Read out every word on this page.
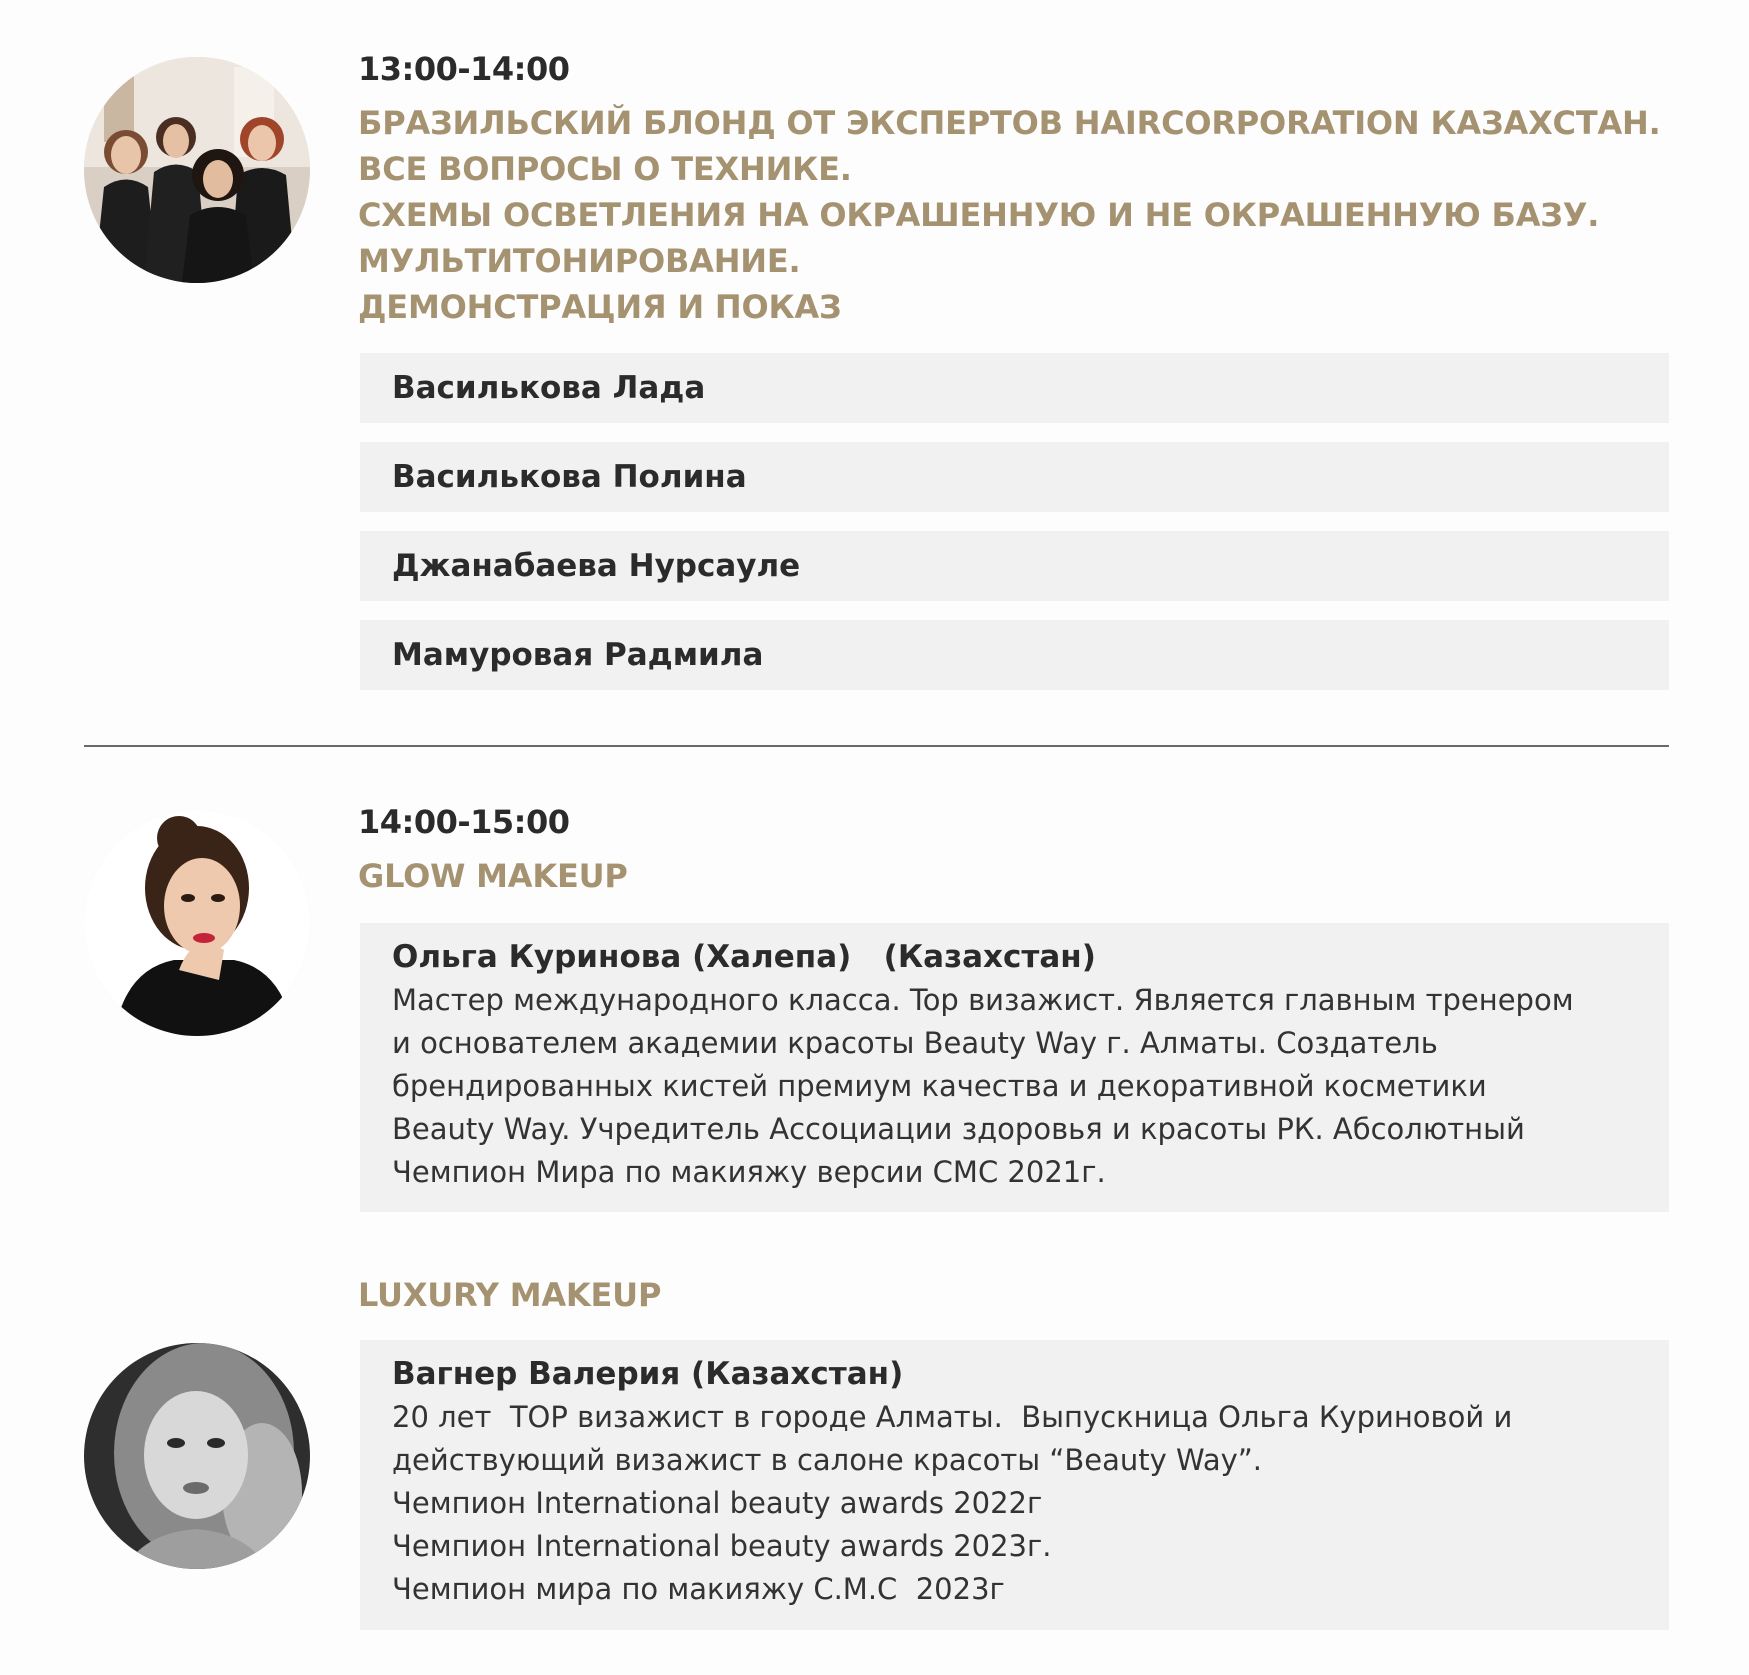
13:00-14:00
БРАЗИЛЬСКИЙ БЛОНД ОТ ЭКСПЕРТОВ HAIRCORPORATION КАЗАХСТАН.
ВСЕ ВОПРОСЫ О ТЕХНИКЕ.
СХЕМЫ ОСВЕТЛЕНИЯ НА ОКРАШЕННУЮ И НЕ ОКРАШЕННУЮ БАЗУ.
МУЛЬТИТОНИРОВАНИЕ.
ДЕМОНСТРАЦИЯ И ПОКАЗ
Василькова Лада
Василькова Полина
Джанабаева Нурсауле
Мамуровая Радмила
14:00-15:00
GLOW MAKEUP
Ольга Куринова (Халепа)   (Казахстан)
Мастер международного класса. Top визажист. Является главным тренером
и основателем академии красоты Beauty Way г. Алматы. Создатель
брендированных кистей премиум качества и декоративной косметики
Beauty Way. Учредитель Ассоциации здоровья и красоты РК. Абсолютный
Чемпион Мира по макияжу версии CMC 2021г.
LUXURY MAKEUP
Вагнер Валерия (Казахстан)
20 лет  TOP визажист в городе Алматы.  Выпускница Ольга Куриновой и
действующий визажист в салоне красоты “Beauty Way”.
Чемпион International beauty awards 2022г
Чемпион International beauty awards 2023г.
Чемпион мира по макияжу С.М.С  2023г
